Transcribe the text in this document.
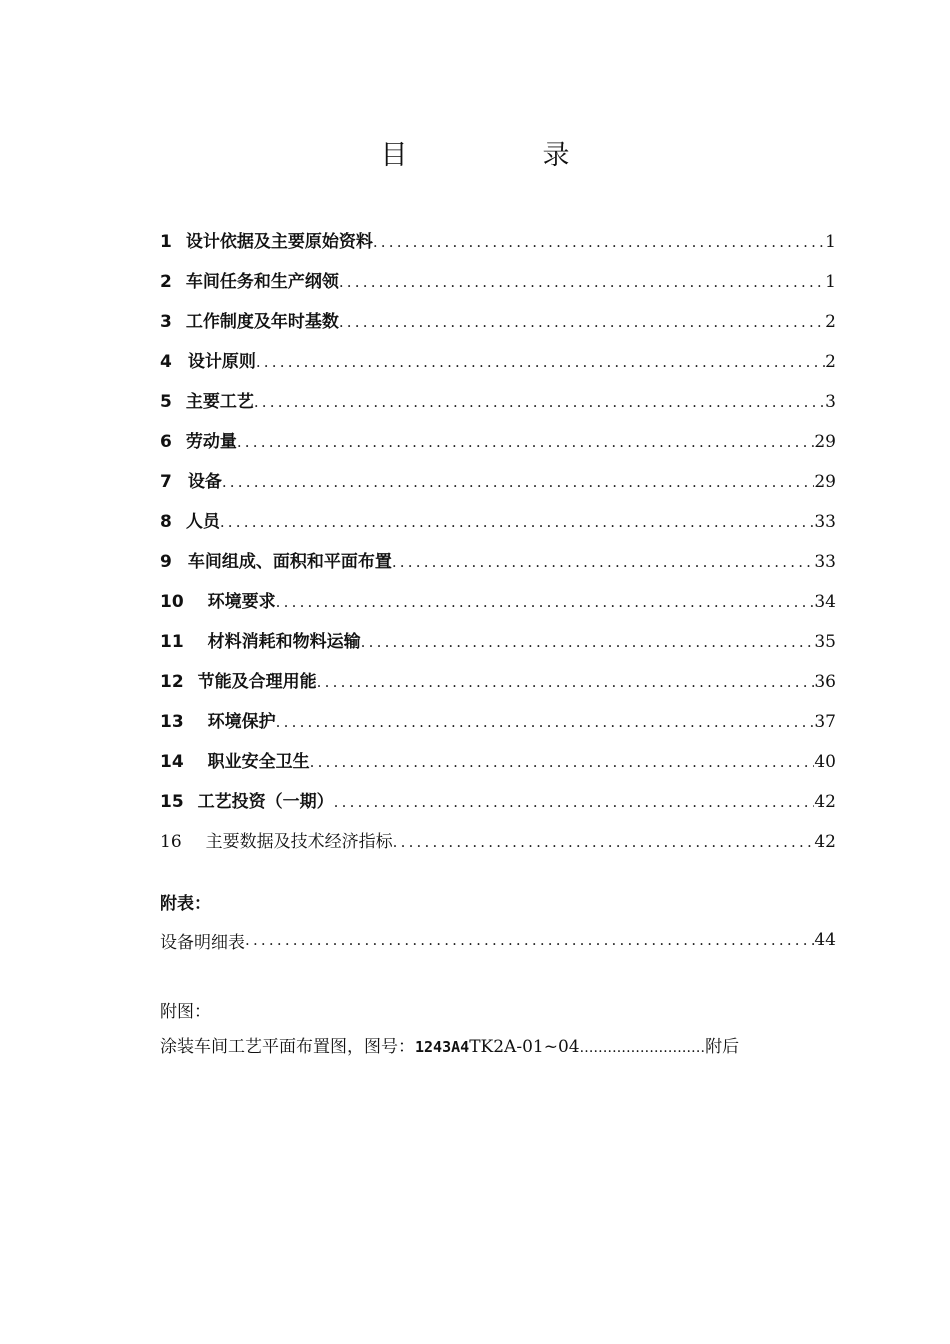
目　录
1 设计依据及主要原始资料 .....	1
2 车间任务和生产纲领 .....	1
3 工作制度及年时基数 .....	2
4 设计原则 .....	2
5 主要工艺 .....	3
6 劳动量 .....	29
7 设备 .....	29
8 人员 .....	33
9 车间组成、面积和平面布置 .....	33
10 环境要求 .....	34
11 材料消耗和物料运输 .....	35
12 节能及合理用能 .....	36
13 环境保护 .....	37
14 职业安全卫生 .....	40
15 工艺投资（一期） .....	42
16 主要数据及技术经济指标 .....	42
附表：
设备明细表 .....	44
附图：
涂装车间工艺平面布置图，图号：1243A4TK2A-01~04...........................附后
